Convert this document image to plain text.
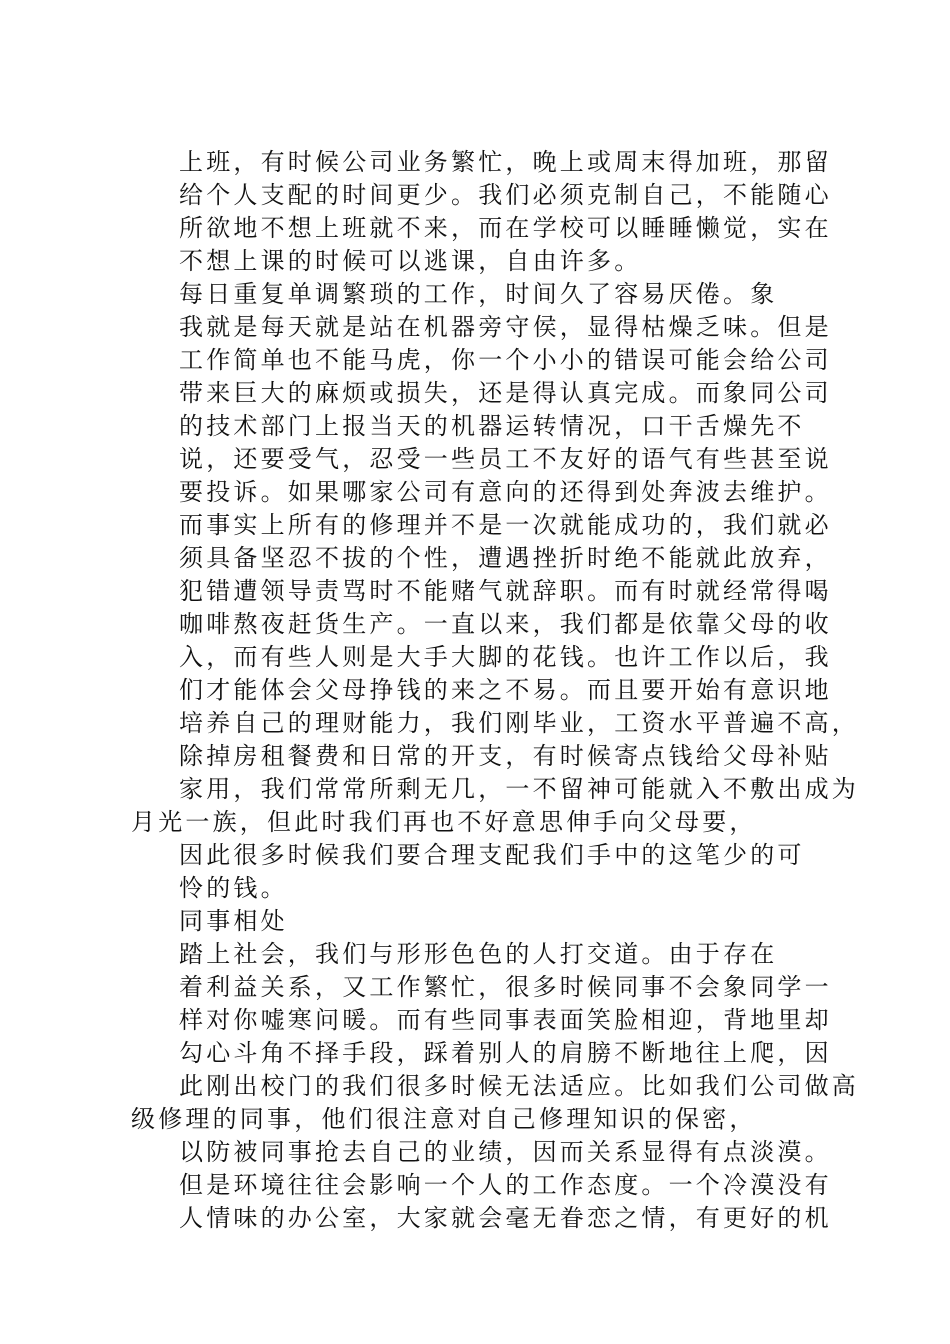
上班，有时候公司业务繁忙，晚上或周末得加班，那留
给个人支配的时间更少。我们必须克制自己，不能随心
所欲地不想上班就不来，而在学校可以睡睡懒觉，实在
不想上课的时候可以逃课，自由许多。
每日重复单调繁琐的工作，时间久了容易厌倦。象
我就是每天就是站在机器旁守侯，显得枯燥乏味。但是
工作简单也不能马虎，你一个小小的错误可能会给公司
带来巨大的麻烦或损失，还是得认真完成。而象同公司
的技术部门上报当天的机器运转情况，口干舌燥先不
说，还要受气，忍受一些员工不友好的语气有些甚至说
要投诉。如果哪家公司有意向的还得到处奔波去维护。
而事实上所有的修理并不是一次就能成功的，我们就必
须具备坚忍不拔的个性，遭遇挫折时绝不能就此放弃，
犯错遭领导责骂时不能赌气就辞职。而有时就经常得喝
咖啡熬夜赶货生产。一直以来，我们都是依靠父母的收
入，而有些人则是大手大脚的花钱。也许工作以后，我
们才能体会父母挣钱的来之不易。而且要开始有意识地
培养自己的理财能力，我们刚毕业，工资水平普遍不高，
除掉房租餐费和日常的开支，有时候寄点钱给父母补贴
家用，我们常常所剩无几，一不留神可能就入不敷出成为
月光一族，但此时我们再也不好意思伸手向父母要，
因此很多时候我们要合理支配我们手中的这笔少的可
怜的钱。
同事相处
踏上社会，我们与形形色色的人打交道。由于存在
着利益关系，又工作繁忙，很多时候同事不会象同学一
样对你嘘寒问暖。而有些同事表面笑脸相迎，背地里却
勾心斗角不择手段，踩着别人的肩膀不断地往上爬，因
此刚出校门的我们很多时候无法适应。比如我们公司做高
级修理的同事，他们很注意对自己修理知识的保密，
以防被同事抢去自己的业绩，因而关系显得有点淡漠。
但是环境往往会影响一个人的工作态度。一个冷漠没有
人情味的办公室，大家就会毫无眷恋之情，有更好的机
